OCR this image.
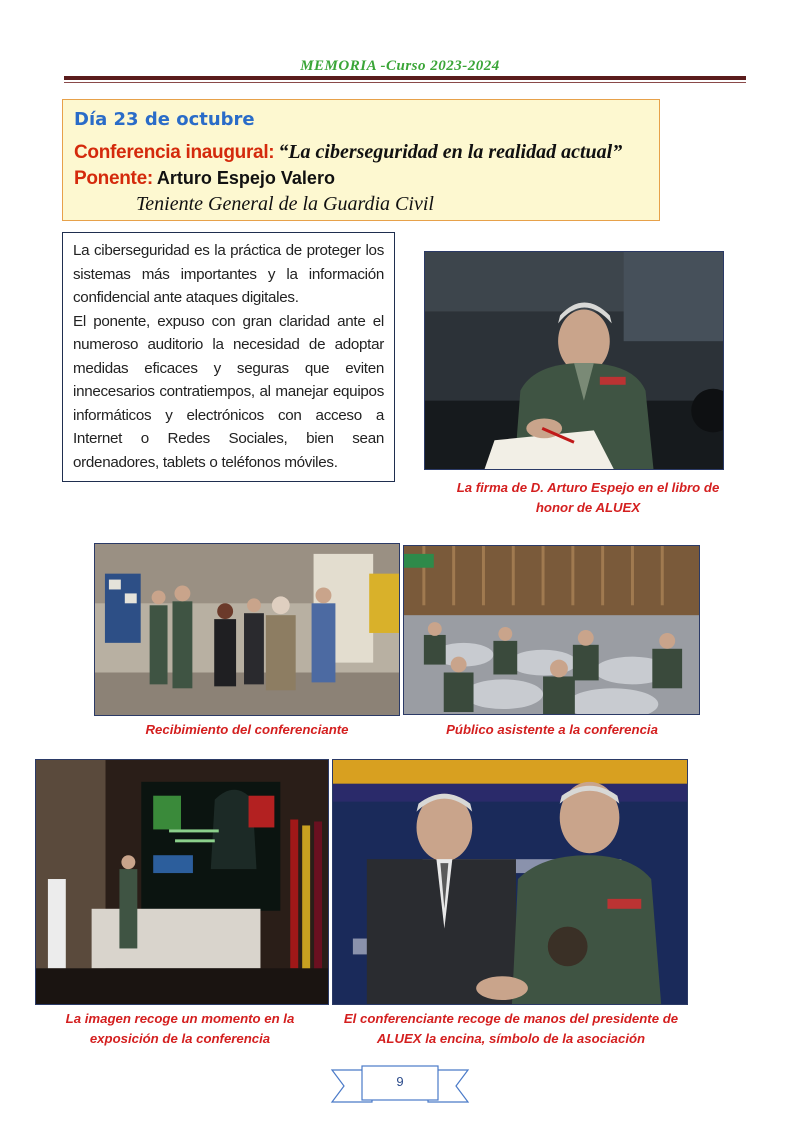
MEMORIA -Curso 2023-2024
Día 23 de octubre
Conferencia inaugural: “La ciberseguridad en la realidad actual”
Ponente: Arturo Espejo Valero
Teniente General de la Guardia Civil

La ciberseguridad es la práctica de proteger los sistemas más importantes y la información confidencial ante ataques digitales.

El ponente, expuso con gran claridad ante el numeroso auditorio la necesidad de adoptar medidas eficaces y seguras que eviten innecesarios contratiempos, al manejar equipos informáticos y electrónicos con acceso a Internet o Redes Sociales, bien sean ordenadores, tablets o teléfonos móviles.

La firma de D. Arturo Espejo en el libro de honor de ALUEX
Recibimiento del conferenciante	Público asistente a la conferencia
La imagen recoge un momento en la exposición de la conferencia
El conferenciante recoge de manos del presidente de ALUEX la encina, símbolo de la asociación
9
